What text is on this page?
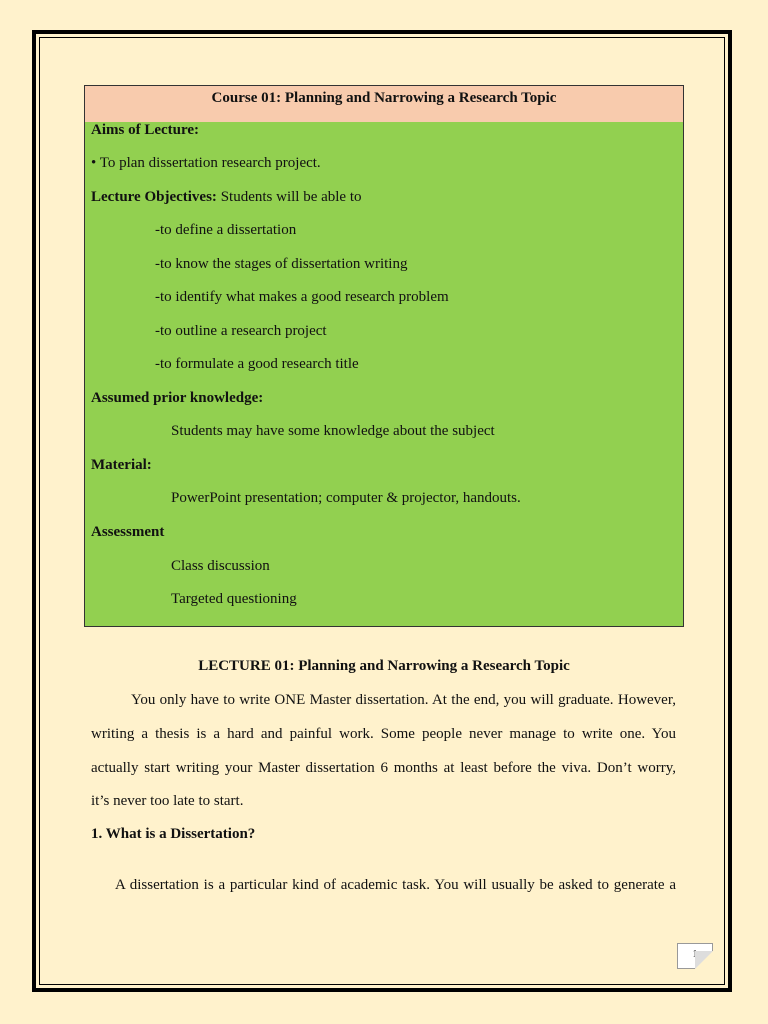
Course 01: Planning and Narrowing a Research Topic

Aims of Lecture:

• To plan dissertation research project.

Lecture Objectives: Students will be able to

-to define a dissertation

-to know the stages of dissertation writing

-to identify what makes a good research problem

-to outline a research project

-to formulate a good research title

Assumed prior knowledge:

Students may have some knowledge about the subject

Material:

PowerPoint presentation; computer & projector, handouts.

Assessment

Class discussion

Targeted questioning

LECTURE 01: Planning and Narrowing a Research Topic

You only have to write ONE Master dissertation. At the end, you will graduate. However,

writing a thesis is a hard and painful work. Some people never manage to write one. You

actually start writing your Master dissertation 6 months at least before the viva. Don’t worry,

it’s never too late to start.

1. What is a Dissertation?

A dissertation is a particular kind of academic task. You will usually be asked to generate a

1
